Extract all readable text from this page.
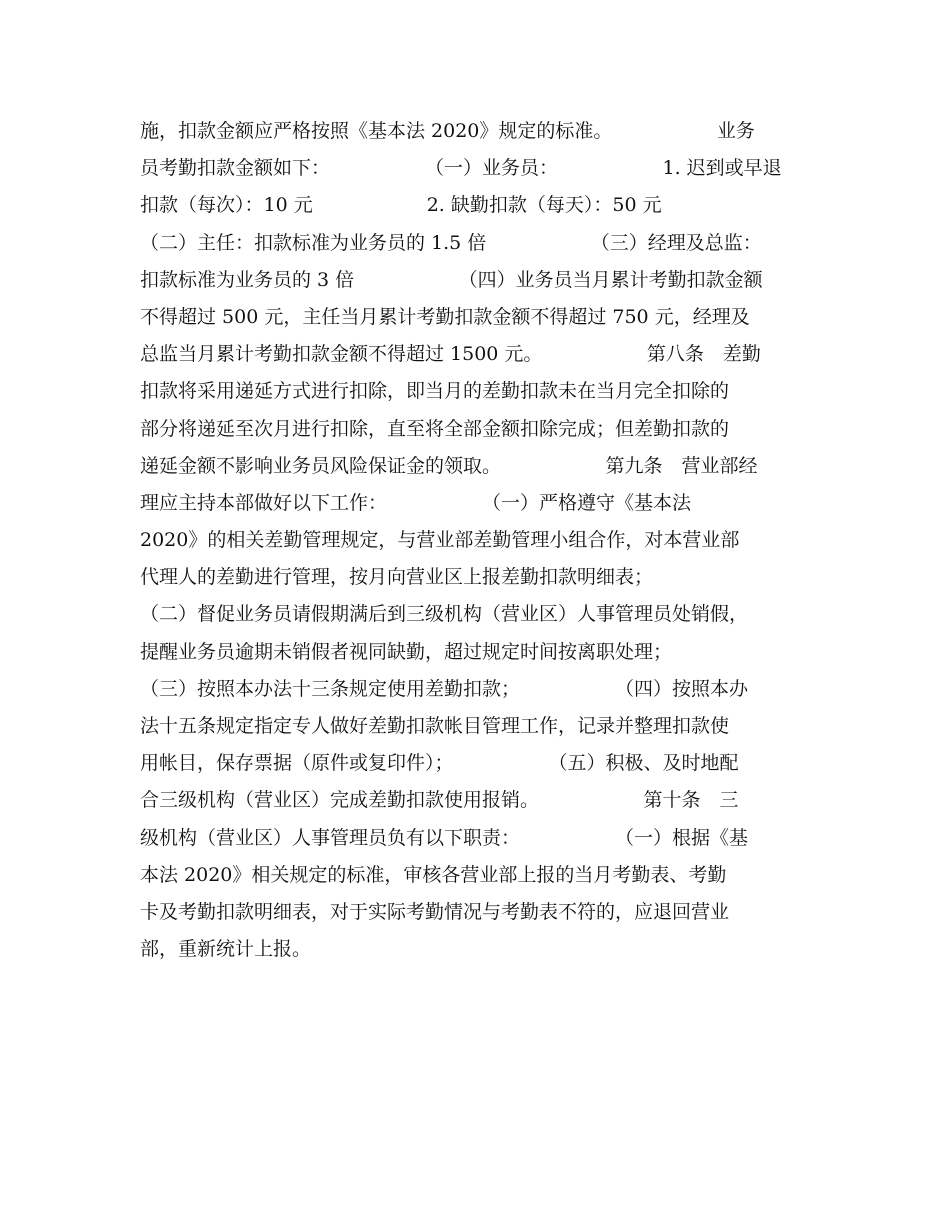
施，扣款金额应严格按照《基本法 2020》规定的标准。　　　　　　业务
员考勤扣款金额如下：　　　　　　（一）业务员：　　　　　　1. 迟到或早退
扣款（每次）：10 元　　　　　　2. 缺勤扣款（每天）：50 元
（二）主任：扣款标准为业务员的 1.5 倍　　　　　　（三）经理及总监：
扣款标准为业务员的 3 倍　　　　　　（四）业务员当月累计考勤扣款金额
不得超过 500 元，主任当月累计考勤扣款金额不得超过 750 元，经理及
总监当月累计考勤扣款金额不得超过 1500 元。　　　　　　第八条　差勤
扣款将采用递延方式进行扣除，即当月的差勤扣款未在当月完全扣除的
部分将递延至次月进行扣除，直至将全部金额扣除完成；但差勤扣款的
递延金额不影响业务员风险保证金的领取。　　　　　　第九条　营业部经
理应主持本部做好以下工作：　　　　　　（一）严格遵守《基本法
2020》的相关差勤管理规定，与营业部差勤管理小组合作，对本营业部
代理人的差勤进行管理，按月向营业区上报差勤扣款明细表；
（二）督促业务员请假期满后到三级机构（营业区）人事管理员处销假，
提醒业务员逾期未销假者视同缺勤，超过规定时间按离职处理；
（三）按照本办法十三条规定使用差勤扣款；　　　　　　（四）按照本办
法十五条规定指定专人做好差勤扣款帐目管理工作，记录并整理扣款使
用帐目，保存票据（原件或复印件）；　　　　　　（五）积极、及时地配
合三级机构（营业区）完成差勤扣款使用报销。　　　　　　第十条　三
级机构（营业区）人事管理员负有以下职责：　　　　　　（一）根据《基
本法 2020》相关规定的标准，审核各营业部上报的当月考勤表、考勤
卡及考勤扣款明细表，对于实际考勤情况与考勤表不符的，应退回营业
部，重新统计上报。
